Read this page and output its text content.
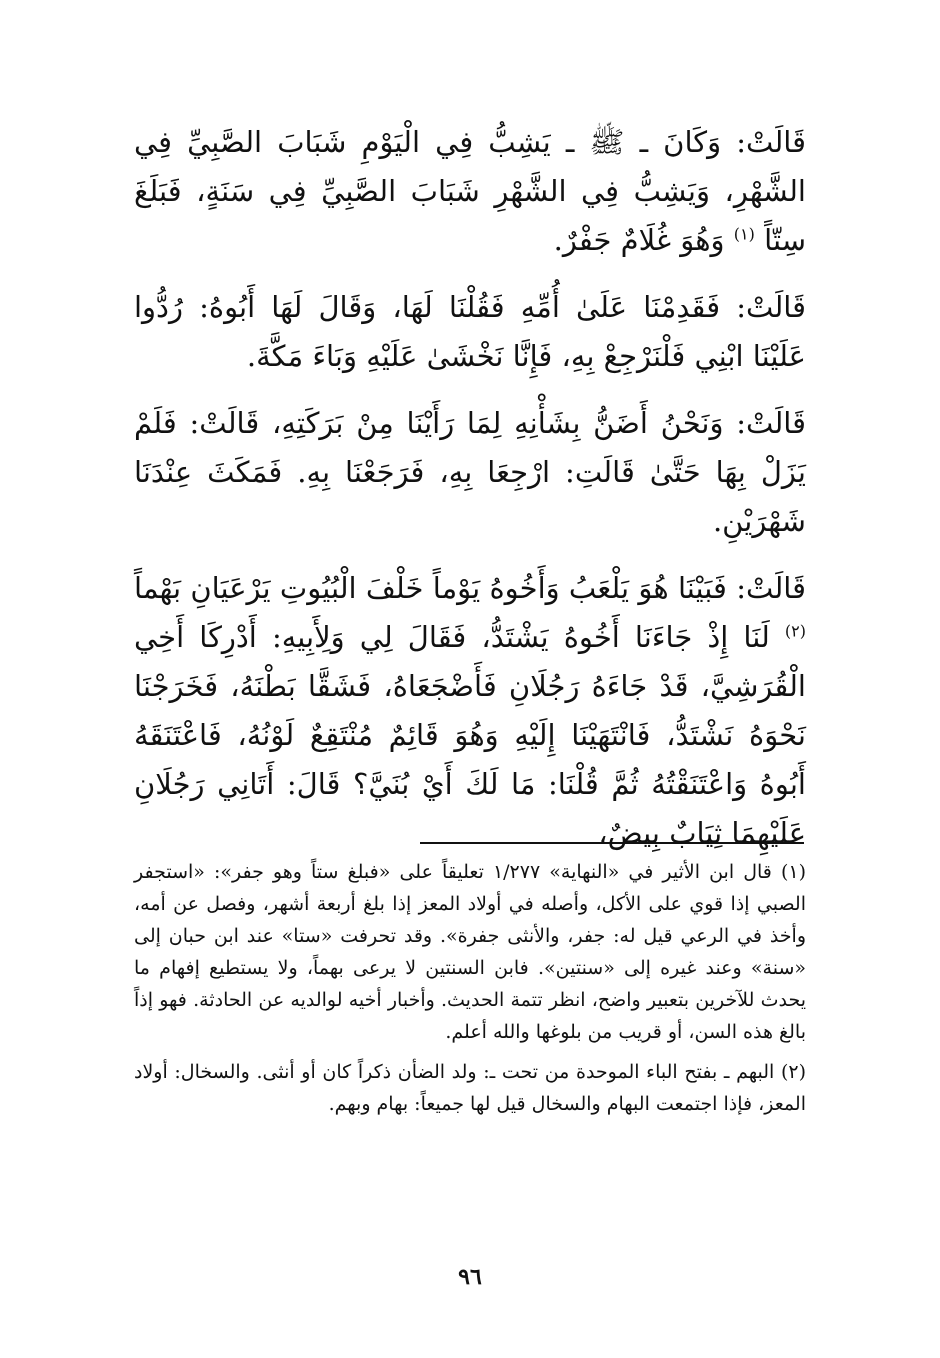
قَالَتْ: وَكَانَ ـ ﷺ ـ يَشِبُّ فِي الْيَوْمِ شَبَابَ الصَّبِيِّ فِي الشَّهْرِ، وَيَشِبُّ فِي الشَّهْرِ شَبَابَ الصَّبِيِّ فِي سَنَةٍ، فَبَلَغَ سِتّاً $^{(١)}$ وَهُوَ غُلَامٌ جَفْرٌ.

قَالَتْ: فَقَدِمْنَا عَلَىٰ أُمِّهِ فَقُلْنَا لَهَا، وَقَالَ لَهَا أَبُوهُ: رُدُّوا عَلَيْنَا ابْنِي فَلْنَرْجِعْ بِهِ، فَإِنَّا نَخْشَىٰ عَلَيْهِ وَبَاءَ مَكَّةَ.

قَالَتْ: وَنَحْنُ أَضَنُّ بِشَأْنِهِ لِمَا رَأَيْنَا مِنْ بَرَكَتِهِ، قَالَتْ: فَلَمْ يَزَلْ بِهَا حَتَّىٰ قَالَتِ: ارْجِعَا بِهِ، فَرَجَعْنَا بِهِ. فَمَكَثَ عِنْدَنَا شَهْرَيْنِ.

قَالَتْ: فَبَيْنَا هُوَ يَلْعَبُ وَأَخُوهُ يَوْماً خَلْفَ الْبُيُوتِ يَرْعَيَانِ بَهْماً $^{(٢)}$ لَنَا إِذْ جَاءَنَا أَخُوهُ يَشْتَدُّ، فَقَالَ لِي وَلِأَبِيهِ: أَدْرِكَا أَخِي الْقُرَشِيَّ، قَدْ جَاءَهُ رَجُلَانِ فَأَضْجَعَاهُ، فَشَقَّا بَطْنَهُ، فَخَرَجْنَا نَحْوَهُ نَشْتَدُّ، فَانْتَهَيْنَا إِلَيْهِ وَهُوَ قَائِمٌ مُنْتَقِعٌ لَوْنُهُ، فَاعْتَنَقَهُ أَبُوهُ وَاعْتَنَقْتُهُ ثُمَّ قُلْنَا: مَا لَكَ أَيْ بُنَيَّ؟ قَالَ: أَتَانِي رَجُلَانِ عَلَيْهِمَا ثِيَابٌ بِيضٌ،

(١) قال ابن الأثير في «النهاية» ١/٢٧٧ تعليقاً على «فبلغ ستاً وهو جفر»: «استجفر الصبي إذا قوي على الأكل، وأصله في أولاد المعز إذا بلغ أربعة أشهر، وفصل عن أمه، وأخذ في الرعي قيل له: جفر، والأنثى جفرة». وقد تحرفت «ستا» عند ابن حبان إلى «سنة» وعند غيره إلى «سنتين». فابن السنتين لا يرعى بهماً، ولا يستطيع إفهام ما يحدث للآخرين بتعبير واضح، انظر تتمة الحديث. وأخبار أخيه لوالديه عن الحادثة. فهو إذاً بالغ هذه السن، أو قريب من بلوغها والله أعلم.

(٢) البهم ـ بفتح الباء الموحدة من تحت ـ: ولد الضأن ذكراً كان أو أنثى. والسخال: أولاد المعز، فإذا اجتمعت البهام والسخال قيل لها جميعاً: بهام وبهم.

٩٦
